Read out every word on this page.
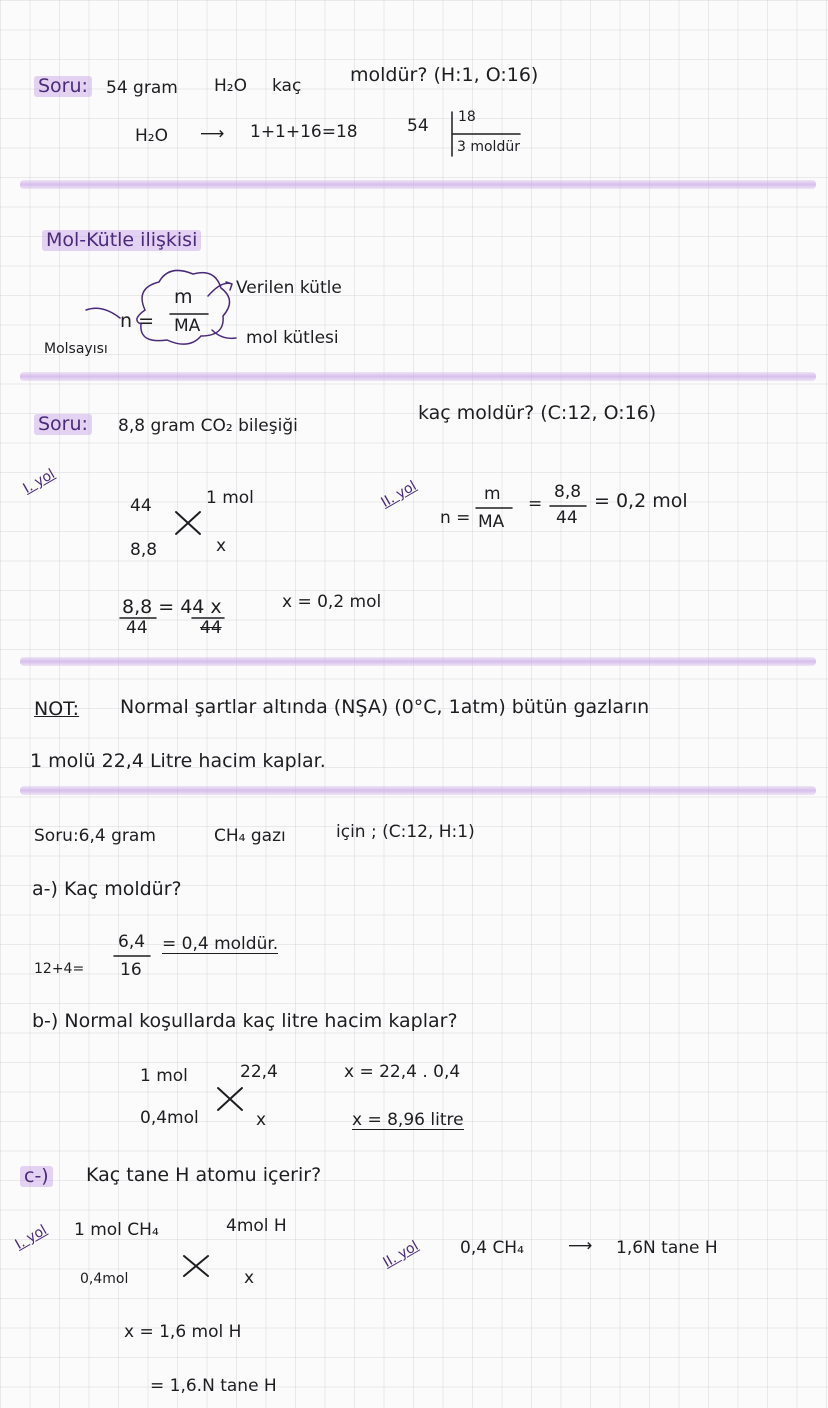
Soru: 54 gram H₂O kaç	moldür? (H:1, O:16)
H₂O ⟶ 1+1+16=18	54 18
3 moldür
Mol-Kütle ilişkisi
n =
m
MA
Verilen kütle
mol kütlesi
Molsayısı
Soru: 8,8 gram CO₂ bileşiği
kaç moldür? (C:12, O:16)
I. yol
44	1 mol
8,8	x
8,8 = 44 x
44	44
x = 0,2 mol
II. yol
n =
m
MA
=
8,8
44
= 0,2 mol
NOT: Normal şartlar altında (NŞA) (0°C, 1atm) bütün gazların
1 molü 22,4 Litre hacim kaplar.
Soru:6,4 gram	CH₄ gazı	için ; (C:12, H:1)
a-) Kaç moldür?
6,4
16
12+4=
= 0,4 moldür.
b-) Normal koşullarda kaç litre hacim kaplar?
1 mol	22,4
0,4mol	x
x = 22,4 . 0,4
x = 8,96 litre
c-) Kaç tane H atomu içerir?
I. yol 1 mol CH₄	4mol H
0,4mol	x
x = 1,6 mol H
= 1,6.N tane H
II. yol 0,4 CH₄	⟶ 1,6N tane H
